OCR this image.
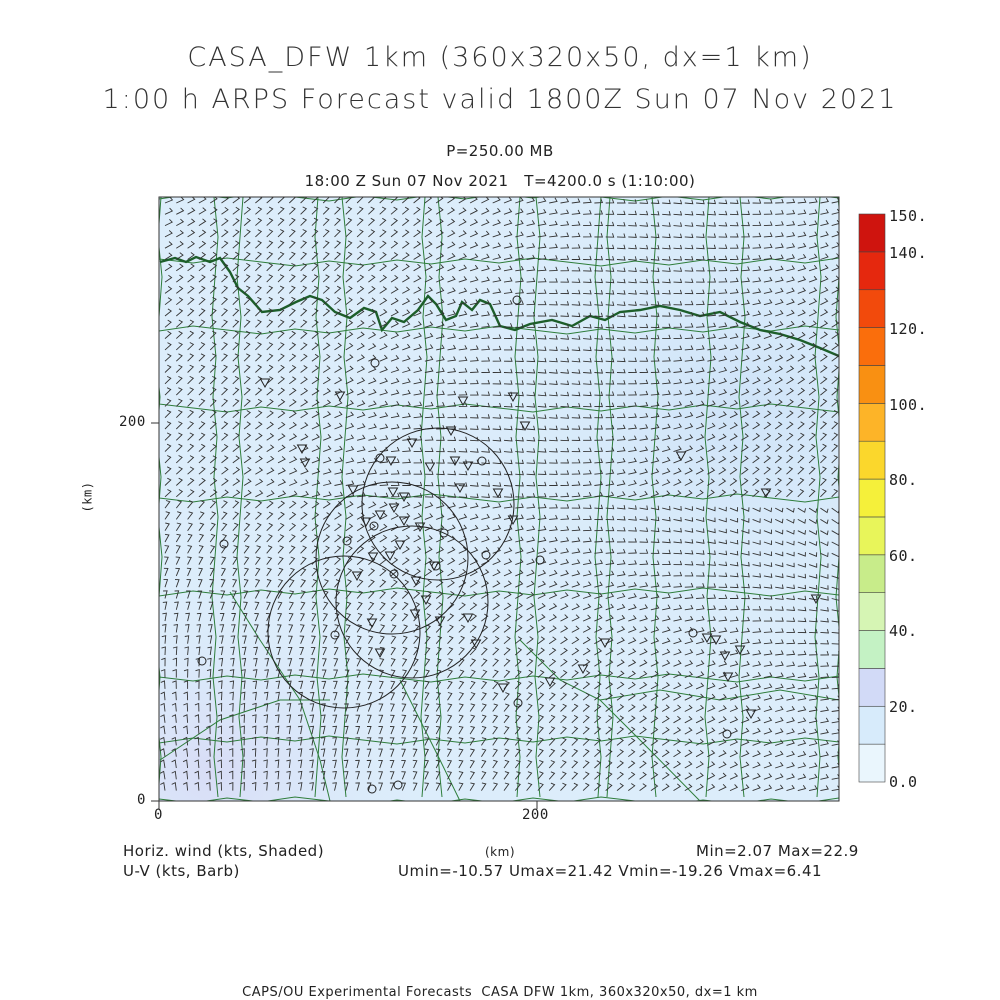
CASA_DFW 1km (360x320x50, dx=1 km)
1:00 h ARPS Forecast valid 1800Z Sun 07 Nov 2021
P=250.00 MB
18:00 Z Sun 07 Nov 2021   T=4200.0 s (1:10:00)
0
200
0	200
(km)
150.
140.
120.
100.
80.
60.
40.
20.
0.0
Horiz. wind (kts, Shaded)
U-V (kts, Barb)
(km)	Min=2.07 Max=22.9
Umin=-10.57 Umax=21.42 Vmin=-19.26 Vmax=6.41
CAPS/OU Experimental Forecasts  CASA DFW 1km, 360x320x50, dx=1 km
